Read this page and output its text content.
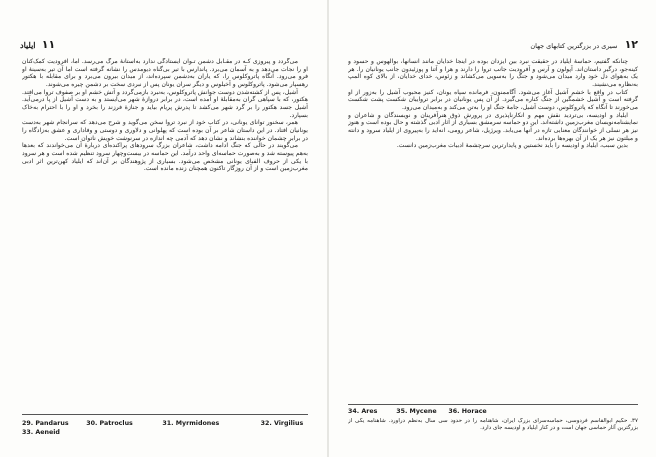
۱۱ ایلیاد

می‌گردد و پیروزی کـه در مقـابل دشمن تـوان ایستادگی ندارد به‌آستانهٔ مرگ می‌رسد. اما، آفرودیت کمک‌کنان او را نجات می‌دهد و به آسمان می‌برد. پاندارس با تیر بی‌گناه دیومدس را نشانه‌ گرفته است اما آن تیر به‌سینهٔ او فرو می‌رود. آنگاه پاتروکلوس را، که یاران به‌دشمن سپرده‌اند، از میدان بیرون می‌برد و برای مقابله با هکتور رهسپار می‌شود. پاتروکلوس و آخیلوس و دیگر سران یونان پس از نبردی سخت بر دشمن چیره می‌شوند.

آشیل، پس از کشته‌شدن دوست جوانش پاتروکلوس، به‌نبرد بازمی‌گردد و آتش خشم او بر صفوف تروا می‌افتد. هکتور، که با سپاهی گران به‌مقابلهٔ او آمده است، در برابر دروازهٔ شهر می‌ایستد و به دست آشیل از پا درمی‌آید. آشیل جسد هکتور را بر گرد شهر می‌کشد تا پدرش پریام بیاید و جنازهٔ فرزند را بخرد و او را با احترام به‌خاک بسپارد.

همر، سخنور توانای یونانی، در کتاب خود از نبرد تروا سخن می‌گوید و شرح می‌دهد که سرانجام شهر به‌دست یونانیان افتاد. در این داستان شاعر بر آن بوده است که پهلوانی و دلاوری و دوستی و وفاداری و عشق به‌زادگاه را در برابر چشمان خواننده بنشاند و نشان دهد که آدمی چه اندازه در سرنوشت خویش ناتوان است.

می‌گویند در حالی که جنگ ادامه داشت، شاعران بزرگ سرودهای پراکنده‌ای دربارهٔ آن می‌خواندند که بعدها به‌هم پیوسته شد و به‌صورت حماسه‌ای واحد درآمد. این حماسه در بیست‌وچهار سرود تنظیم شده است و هر سرود با یکی از حروف الفبای یونانی مشخص می‌شود. بسیاری از پژوهندگان بر آن‌اند که ایلیاد کهن‌ترین اثر ادبی مغرب‌زمین است و از آن روزگار تاکنون همچنان زنده مانده است.

29. Pandarus	30. Patroclus	31. Myrmidones	32. Virgilius
33. Aeneid
۱۲ سیری در بزرگترین کتابهای جهان

چنانکه گفتیم، حماسهٔ ایلیاد در حقیقت نبرد بین ایزدان بوده در اینجا خدایان مانند انسانها، بوالهوس و حسود و کینه‌جو، درگیر داستان‌اند. آپولون و آرس و آفرودیت جانب تروا را دارند و هرا و آتنا و پوزئیدون جانب یونانیان را. هر یک به‌هوای دل خود وارد میدان می‌شود و جنگ را به‌سویی می‌کشاند و زئوس، خدای خدایان، از بالای کوه المپ به‌نظاره می‌نشیند.

کتاب در واقع با خشم آشیل آغاز می‌شود. آگاممنون، فرمانده سپاه یونان، کنیز محبوب آشیل را به‌زور از او گرفته است و آشیل خشمگین از جنگ کناره می‌گیرد. از آن پس یونانیان در برابر ترواییان شکست پشت شکست می‌خورند تا آنگاه که پاتروکلوس، دوست آشیل، جامهٔ جنگ او را به‌تن می‌کند و به‌میدان می‌رود.

ایلیاد و اودیسه، بی‌تردید نقش مهم و انکارناپذیری در پرورش ذوق هنرآفرینان و نویسندگان و شاعران و نمایشنامه‌نویسان مغرب‌زمین داشته‌اند. این دو حماسه سرمشق بسیاری از آثار ادبی گذشته و حال بوده است و هنوز نیز هر نسلی از خوانندگان معنایی تازه در آنها می‌یابد. ویرژیل، شاعر رومی، انه‌اید را به‌پیروی از ایلیاد سرود و دانته و میلتون نیز هر یک از آن بهره‌ها برده‌اند.

بدین سبب، ایلیاد و اودیسه را باید نخستین و پایدارترین سرچشمهٔ ادبیات مغرب‌زمین دانست.

34. Ares	35. Mycene 36. Horace
۳۷. حکیم ابوالقاسم فردوسی، حماسه‌سرای بزرگ ایران، شاهنامه را در حدود سی سال به‌نظم درآورد. شاهنامه یکی از بزرگترین آثار حماسی جهان است و در کنار ایلیاد و اودیسه جای دارد.
